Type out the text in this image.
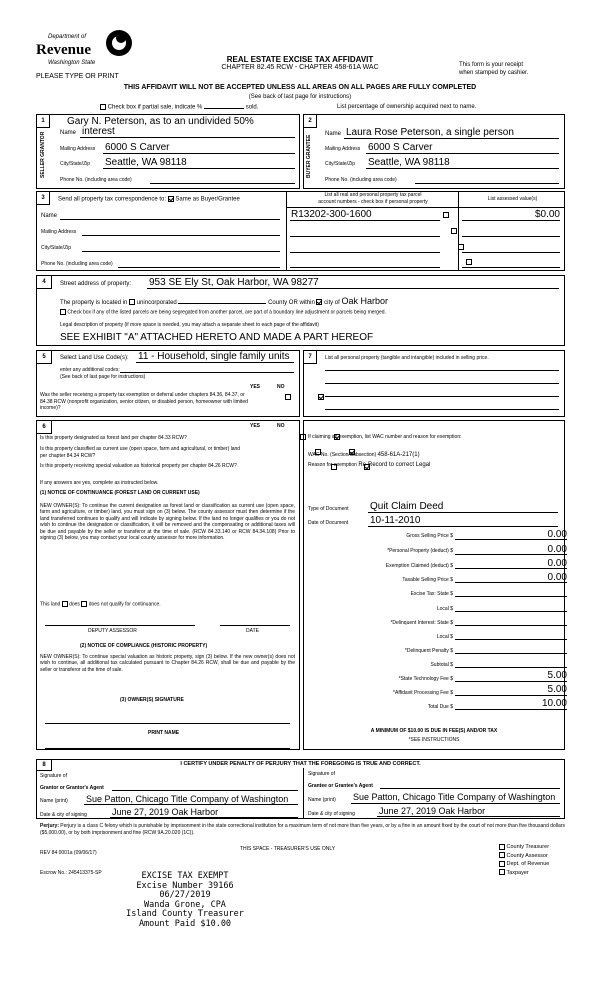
Department of
Revenue
Washington State
PLEASE TYPE OR PRINT
REAL ESTATE EXCISE TAX AFFIDAVIT
CHAPTER 82.45 RCW - CHAPTER 458-61A WAC	This form is your receipt
when stamped by cashier.
THIS AFFIDAVIT WILL NOT BE ACCEPTED UNLESS ALL AREAS ON ALL PAGES ARE FULLY COMPLETED
(See back of last page for instructions)
Check box if partial sale, indicate %	sold.	List percentage of ownership acquired next to name.
1
SELLER GRANTOR
Gary N. Peterson, as to an undivided 50%
Name interest
Mailing Address 6000 S Carver
City/State/Zip Seattle, WA 98118
Phone No. (including area code)
2
BUYER GRANTEE
Name Laura Rose Peterson, a single person
Mailing Address 6000 S Carver
City/State/Zip Seattle, WA 98118
Phone No. (including area code)
3	Send all property tax correspondence to: Same as Buyer/Grantee
List all real and personal property tax parcel
account numbers - check box if personal property	List assessed value(s)
Name
Mailing Address
City/State/Zip
Phone No. (including area code)
R13202-300-1600
	$0.00

4	Street address of property: 953 SE Ely St, Oak Harbor, WA 98277
The property is located in unincorporated	County OR within city of Oak Harbor
Check box if any of the listed parcels are being segregated from another parcel, are part of a boundary line adjustment or parcels being merged.
Legal description of property (if more space is needed, you may attach a separate sheet to each page of the affidavit)
SEE EXHIBIT "A" ATTACHED HERETO AND MADE A PART HEREOF
5	Select Land Use Code(s): 11 - Household, single family units
enter any additional codes:
(See back of last page for instructions)
YES	NO
Was the seller receiving a property tax exemption or deferral under chapters 84.36, 84.37, or 84.38 RCW (nonprofit organization, senior citizen, or disabled person, homeowner with limited income)?

7	List all personal property (tangible and intangible) included in selling price.
6	YES	NO
Is this property designated as forest land per chapter 84.33 RCW?

Is this property classified as current use (open space, farm and agricultural, or timber) land per chapter 84.34 RCW?

Is this property receiving special valuation as historical property per chapter 84.26 RCW?

If any answers are yes, complete as instructed below.
(1) NOTICE OF CONTINUANCE (FOREST LAND OR CURRENT USE)
NEW OWNER(S): To continue the current designation as forest land or classification as current use (open space, farm and agriculture, or timber) land, you must sign on (3) below. The county assessor must then determine if the land transferred continues to qualify and will indicate by signing below. If the land no longer qualifies or you do not wish to continue the designation or classification, it will be removed and the compensating or additional taxes will be due and payable by the seller or transferor at the time of sale. (RCW 84.33.140 or RCW 84.34.108) Prior to signing (3) below, you may contact your local county assessor for more information.
This land does does not qualify for continuance.
DEPUTY ASSESSOR	DATE
(2) NOTICE OF COMPLIANCE (HISTORIC PROPERTY)
NEW OWNER(S): To continue special valuation as historic property, sign (3) below. If the new owner(s) does not wish to continue, all additional tax calculated pursuant to Chapter 84.26 RCW, shall be due and payable by the seller or transferor at the time of sale.
(3) OWNER(S) SIGNATURE
PRINT NAME
If claiming an exemption, list WAC number and reason for exemption:
WAC No. (Section/Subsection) 458-61A-217(1)
Reason for exemption Re-Record to correct Legal
Type of Document Quit Claim Deed
Date of Document 10-11-2010
Gross Selling Price $	0.00
*Personal Property (deduct) $	0.00
Exemption Claimed (deduct) $	0.00
Taxable Selling Price $	0.00
Excise Tax: State $
Local $
*Delinquent Interest: State $
Local $
*Delinquent Penalty $
Subtotal $
*State Technology Fee $	5.00
*Affidavit Processing Fee $	5.00
Total Due $	10.00
A MINIMUM OF $10.00 IS DUE IN FEE(S) AND/OR TAX
*SEE INSTRUCTIONS
8	I CERTIFY UNDER PENALTY OF PERJURY THAT THE FOREGOING IS TRUE AND CORRECT.
Signature of
Grantor or Grantor's Agent
Name (print) Sue Patton, Chicago Title Company of Washington
Date & city of signing	June 27, 2019 Oak Harbor
Signature of
Grantee or Grantee's Agent
Name (print) Sue Patton, Chicago Title Company of Washington
Date & city of signing	June 27, 2019 Oak Harbor
Perjury: Perjury is a class C felony which is punishable by imprisonment in the state correctional institution for a maximum term of not more than five years, or by a fine in an amount fixed by the court of not more than five thousand dollars ($5,000.00), or by both imprisonment and fine (RCW 9A.20.020 (1C)).
REV 84 0001a (09/06/17)
THIS SPACE - TREASURER'S USE ONLY
Escrow No.: 245413375-SP
County Treasurer
County Assessor
Dept. of Revenue
Taxpayer
EXCISE TAX EXEMPT
Excise Number 39166
06/27/2019
Wanda Grone, CPA
Island County Treasurer
Amount Paid $10.00
